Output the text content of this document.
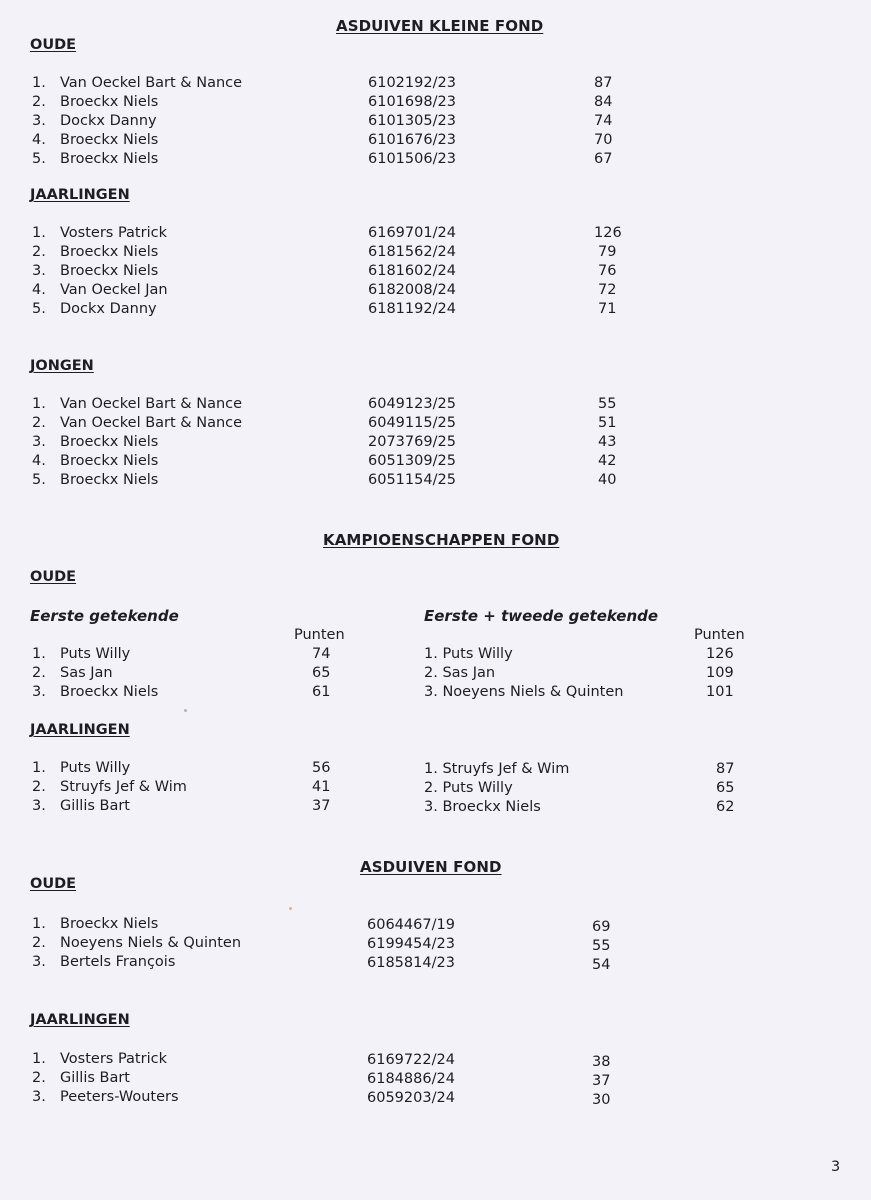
ASDUIVEN KLEINE FOND
OUDE
1. Van Oeckel Bart & Nance	6102192/23	87
2. Broeckx Niels	6101698/23	84
3. Dockx Danny	6101305/23	74
4. Broeckx Niels	6101676/23	70
5. Broeckx Niels	6101506/23	67
JAARLINGEN
1. Vosters Patrick	6169701/24	126
2. Broeckx Niels	6181562/24	79
3. Broeckx Niels	6181602/24	76
4. Van Oeckel Jan	6182008/24	72
5. Dockx Danny	6181192/24	71
JONGEN
1. Van Oeckel Bart & Nance	6049123/25	55
2. Van Oeckel Bart & Nance	6049115/25	51
3. Broeckx Niels	2073769/25	43
4. Broeckx Niels	6051309/25	42
5. Broeckx Niels	6051154/25	40
KAMPIOENSCHAPPEN FOND
OUDE
Eerste getekende	Eerste + tweede getekende
Punten	Punten
1. Puts Willy	74
2. Sas Jan	65
3. Broeckx Niels	61
1. Puts Willy	126
2. Sas Jan	109
3. Noeyens Niels & Quinten	101
JAARLINGEN
1. Puts Willy	56
2. Struyfs Jef & Wim	41
3. Gillis Bart	37
1. Struyfs Jef & Wim	87
2. Puts Willy	65
3. Broeckx Niels	62
ASDUIVEN FOND
OUDE
1. Broeckx Niels	6064467/19	69
2. Noeyens Niels & Quinten	6199454/23	55
3. Bertels François	6185814/23	54
JAARLINGEN
1. Vosters Patrick	6169722/24	38
2. Gillis Bart	6184886/24	37
3. Peeters-Wouters	6059203/24	30
3
